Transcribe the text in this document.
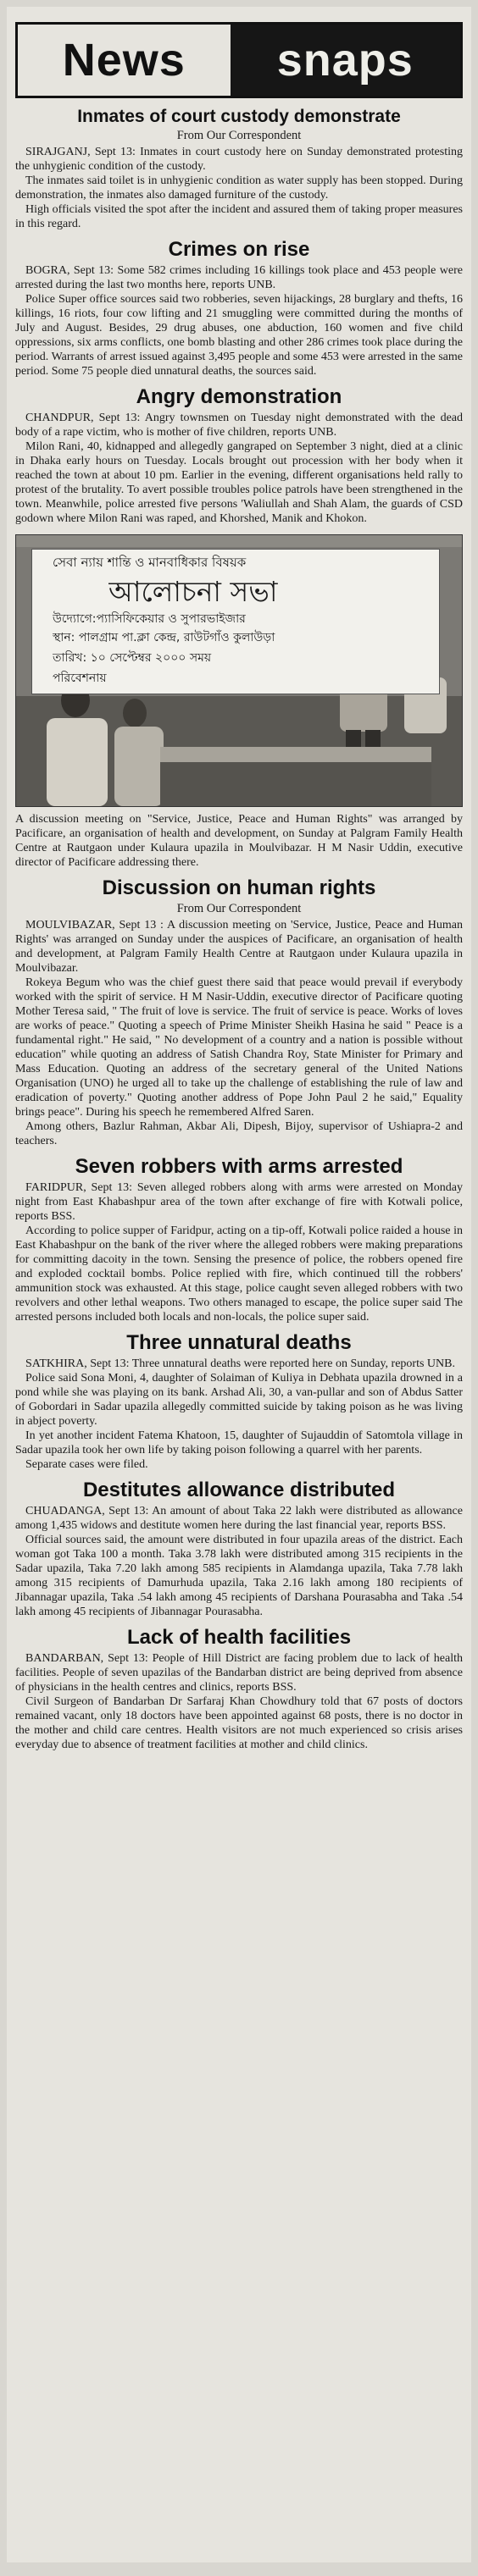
News snaps
Inmates of court custody demonstrate
From Our Correspondent

SIRAJGANJ, Sept 13: Inmates in court custody here on Sunday demonstrated protesting the unhygienic condition of the custody.

The inmates said toilet is in unhygienic condition as water supply has been stopped. During demonstration, the inmates also damaged furniture of the custody.

High officials visited the spot after the incident and assured them of taking proper measures in this regard.

Crimes on rise

BOGRA, Sept 13: Some 582 crimes including 16 killings took place and 453 people were arrested during the last two months here, reports UNB.

Police Super office sources said two robberies, seven hijackings, 28 burglary and thefts, 16 killings, 16 riots, four cow lifting and 21 smuggling were committed during the months of July and August. Besides, 29 drug abuses, one abduction, 160 women and five child oppressions, six arms conflicts, one bomb blasting and other 286 crimes took place during the period. Warrants of arrest issued against 3,495 people and some 453 were arrested in the same period. Some 75 people died unnatural deaths, the sources said.

Angry demonstration

CHANDPUR, Sept 13: Angry townsmen on Tuesday night demonstrated with the dead body of a rape victim, who is mother of five children, reports UNB.

Milon Rani, 40, kidnapped and allegedly gangraped on September 3 night, died at a clinic in Dhaka early hours on Tuesday. Locals brought out procession with her body when it reached the town at about 10 pm. Earlier in the evening, different organisations held rally to protest of the brutality. To avert possible troubles police patrols have been strengthened in the town. Meanwhile, police arrested five persons 'Waliullah and Shah Alam, the guards of CSD godown where Milon Rani was raped, and Khorshed, Manik and Khokon.

সেবা ন্যায় শান্তি ও মানবাধিকার বিষয়ক
আলোচনা সভা
উদ্যোগে:প্যাসিফিকেয়ার ও সুপারভাইজার
স্থান: পালগ্রাম পা.ক্লা কেন্দ্র, রাউটগাঁও কুলাউড়া
তারিখ: ১০ সেপ্টেম্বর ২০০০ সময়
পরিবেশনায়
A discussion meeting on "Service, Justice, Peace and Human Rights" was arranged by Pacificare, an organisation of health and development, on Sunday at Palgram Family Health Centre at Rautgaon under Kulaura upazila in Moulvibazar. H M Nasir Uddin, executive director of Pacificare addressing there.
Discussion on human rights
From Our Correspondent

MOULVIBAZAR, Sept 13 : A discussion meeting on 'Service, Justice, Peace and Human Rights' was arranged on Sunday under the auspices of Pacificare, an organisation of health and development, at Palgram Family Health Centre at Rautgaon under Kulaura upazila in Moulvibazar.

Rokeya Begum who was the chief guest there said that peace would prevail if everybody worked with the spirit of service. H M Nasir-Uddin, executive director of Pacificare quoting Mother Teresa said, " The fruit of love is service. The fruit of service is peace. Works of loves are works of peace." Quoting a speech of Prime Minister Sheikh Hasina he said " Peace is a fundamental right." He said, " No development of a country and a nation is possible without education" while quoting an address of Satish Chandra Roy, State Minister for Primary and Mass Education. Quoting an address of the secretary general of the United Nations Organisation (UNO) he urged all to take up the challenge of establishing the rule of law and eradication of poverty." Quoting another address of Pope John Paul 2 he said," Equality brings peace". During his speech he remembered Alfred Saren.

Among others, Bazlur Rahman, Akbar Ali, Dipesh, Bijoy, supervisor of Ushiapra-2 and teachers.

Seven robbers with arms arrested

FARIDPUR, Sept 13: Seven alleged robbers along with arms were arrested on Monday night from East Khabashpur area of the town after exchange of fire with Kotwali police, reports BSS.

According to police supper of Faridpur, acting on a tip-off, Kotwali police raided a house in East Khabashpur on the bank of the river where the alleged robbers were making preparations for committing dacoity in the town. Sensing the presence of police, the robbers opened fire and exploded cocktail bombs. Police replied with fire, which continued till the robbers' ammunition stock was exhausted. At this stage, police caught seven alleged robbers with two revolvers and other lethal weapons. Two others managed to escape, the police super said The arrested persons included both locals and non-locals, the police super said.

Three unnatural deaths

SATKHIRA, Sept 13: Three unnatural deaths were reported here on Sunday, reports UNB.

Police said Sona Moni, 4, daughter of Solaiman of Kuliya in Debhata upazila drowned in a pond while she was playing on its bank. Arshad Ali, 30, a van-pullar and son of Abdus Satter of Gobordari in Sadar upazila allegedly committed suicide by taking poison as he was living in abject poverty.

In yet another incident Fatema Khatoon, 15, daughter of Sujauddin of Satomtola village in Sadar upazila took her own life by taking poison following a quarrel with her parents.

Separate cases were filed.

Destitutes allowance distributed

CHUADANGA, Sept 13: An amount of about Taka 22 lakh were distributed as allowance among 1,435 widows and destitute women here during the last financial year, reports BSS.

Official sources said, the amount were distributed in four upazila areas of the district. Each woman got Taka 100 a month. Taka 3.78 lakh were distributed among 315 recipients in the Sadar upazila, Taka 7.20 lakh among 585 recipients in Alamdanga upazila, Taka 7.78 lakh among 315 recipients of Damurhuda upazila, Taka 2.16 lakh among 180 recipients of Jibannagar upazila, Taka .54 lakh among 45 recipients of Darshana Pourasabha and Taka .54 lakh among 45 recipients of Jibannagar Pourasabha.

Lack of health facilities

BANDARBAN, Sept 13: People of Hill District are facing problem due to lack of health facilities. People of seven upazilas of the Bandarban district are being deprived from absence of physicians in the health centres and clinics, reports BSS.

Civil Surgeon of Bandarban Dr Sarfaraj Khan Chowdhury told that 67 posts of doctors remained vacant, only 18 doctors have been appointed against 68 posts, there is no doctor in the mother and child care centres. Health visitors are not much experienced so crisis arises everyday due to absence of treatment facilities at mother and child clinics.
